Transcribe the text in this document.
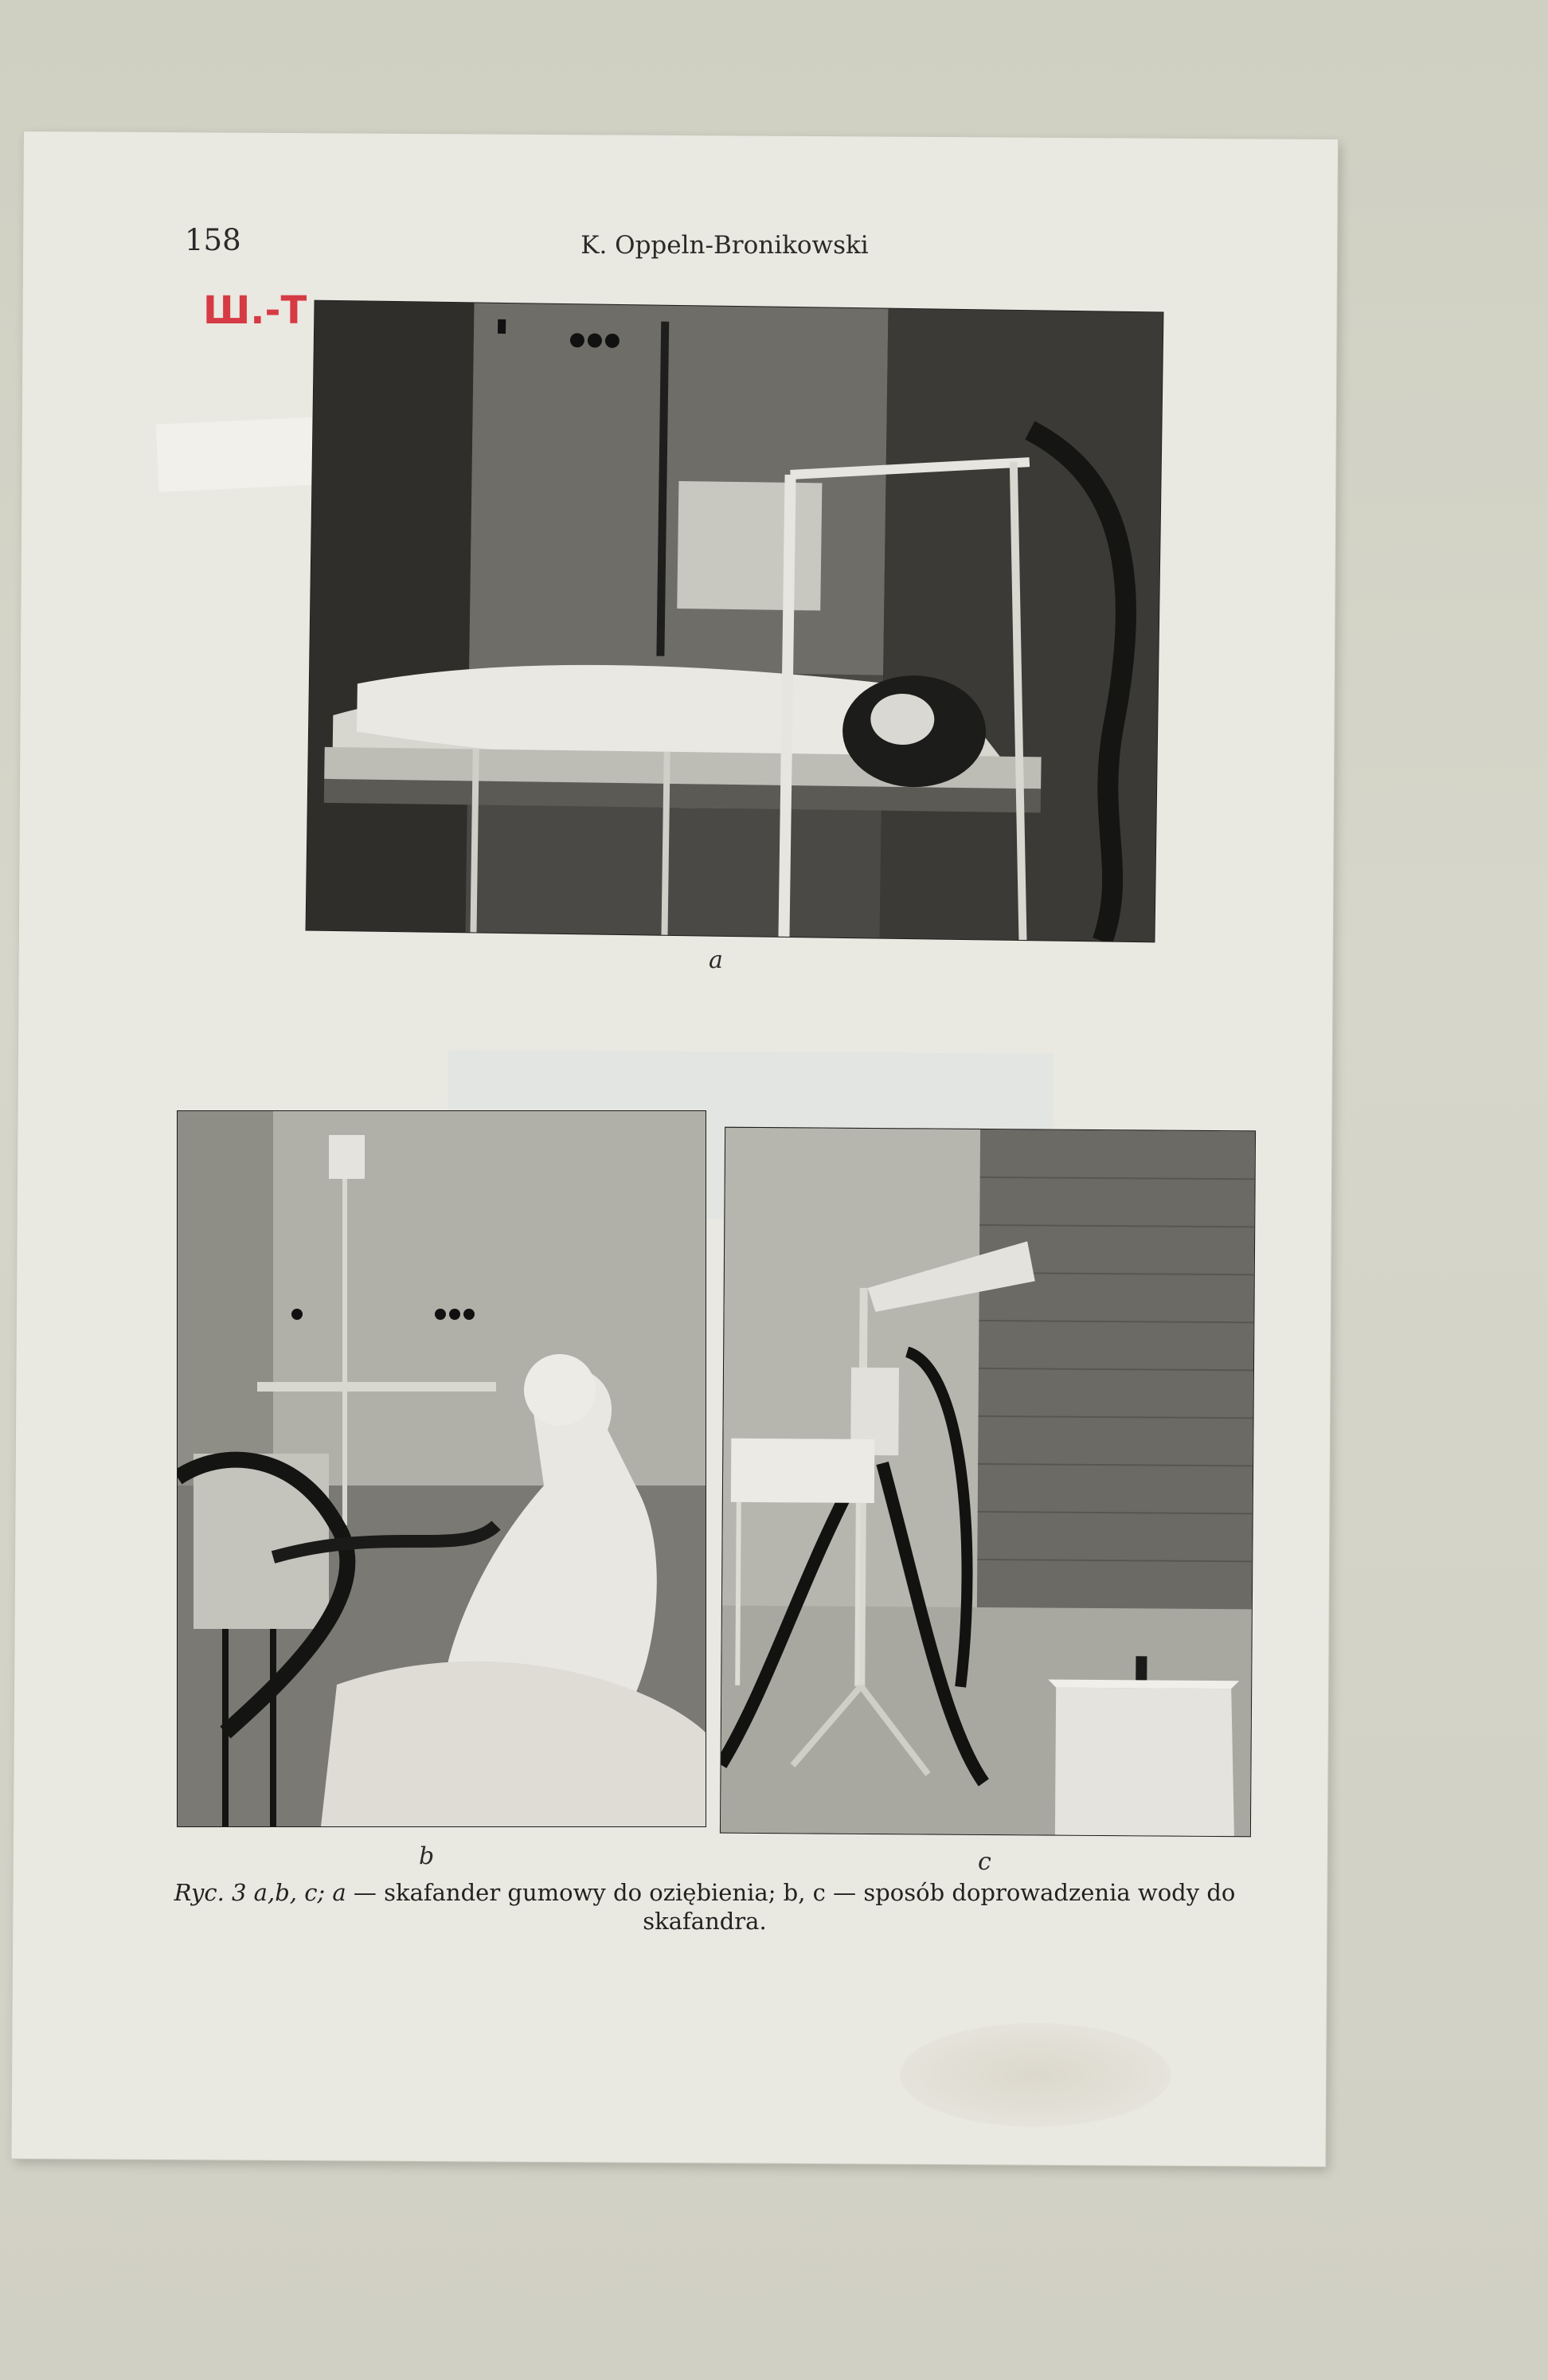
158	K. Oppeln-Bronikowski
Ш.-Т
a
b	c
Ryc. 3 a,b, c; a — skafander gumowy do oziębienia; b, c — sposób doprowadzenia wody do skafandra.
